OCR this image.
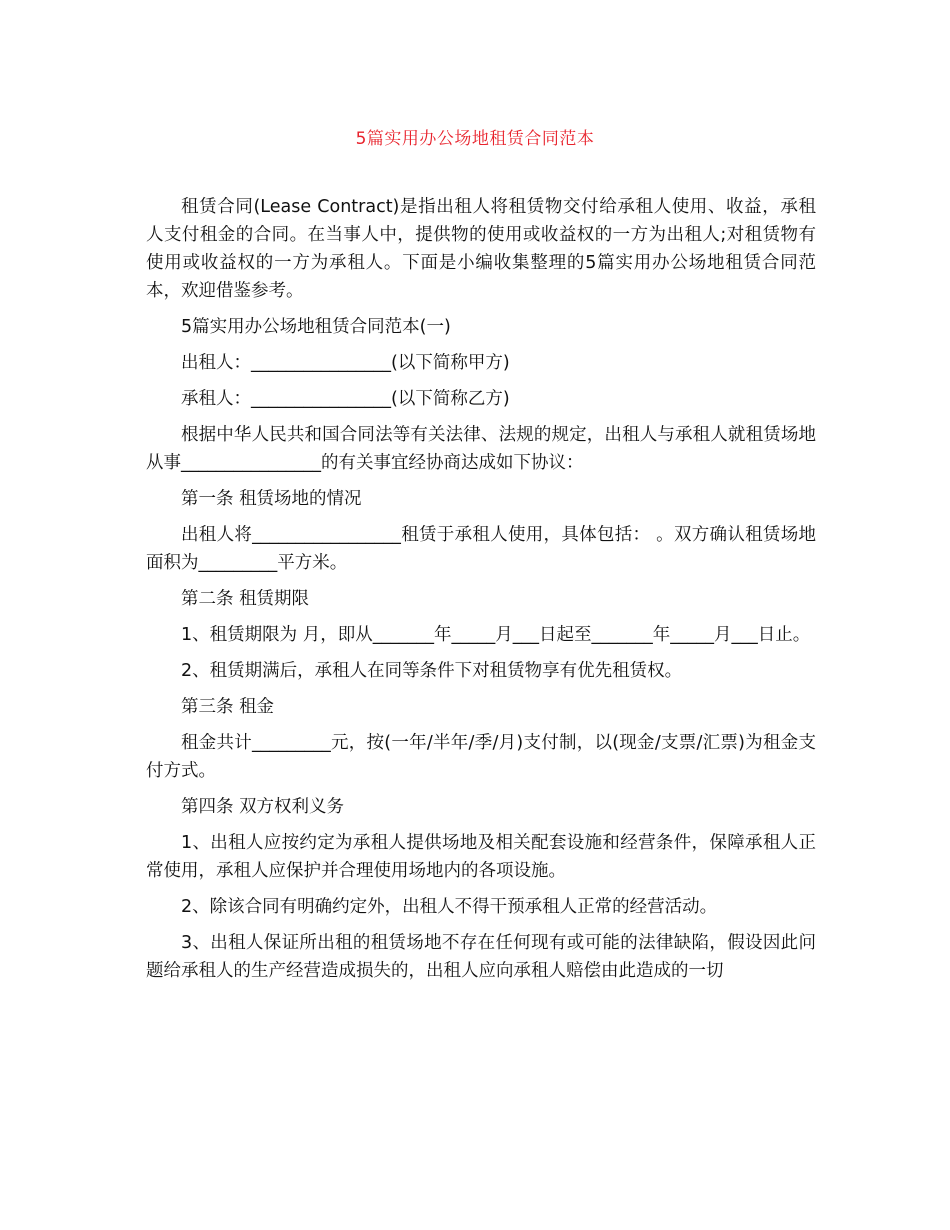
5篇实用办公场地租赁合同范本

租赁合同(Lease Contract)是指出租人将租赁物交付给承租人使用、收益，承租人支付租金的合同。在当事人中，提供物的使用或收益权的一方为出租人;对租赁物有使用或收益权的一方为承租人。下面是小编收集整理的5篇实用办公场地租赁合同范本，欢迎借鉴参考。

5篇实用办公场地租赁合同范本(一)

出租人：________________(以下简称甲方)

承租人：________________(以下简称乙方)

根据中华人民共和国合同法等有关法律、法规的规定，出租人与承租人就租赁场地从事________________的有关事宜经协商达成如下协议：

第一条 租赁场地的情况

出租人将_________________租赁于承租人使用，具体包括： 。双方确认租赁场地面积为_________平方米。

第二条 租赁期限

1、租赁期限为 月，即从_______年_____月___日起至_______年_____月___日止。

2、租赁期满后，承租人在同等条件下对租赁物享有优先租赁权。

第三条 租金

租金共计_________元，按(一年/半年/季/月)支付制，以(现金/支票/汇票)为租金支付方式。

第四条 双方权利义务

1、出租人应按约定为承租人提供场地及相关配套设施和经营条件，保障承租人正常使用，承租人应保护并合理使用场地内的各项设施。

2、除该合同有明确约定外，出租人不得干预承租人正常的经营活动。

3、出租人保证所出租的租赁场地不存在任何现有或可能的法律缺陷，假设因此问题给承租人的生产经营造成损失的，出租人应向承租人赔偿由此造成的一切
